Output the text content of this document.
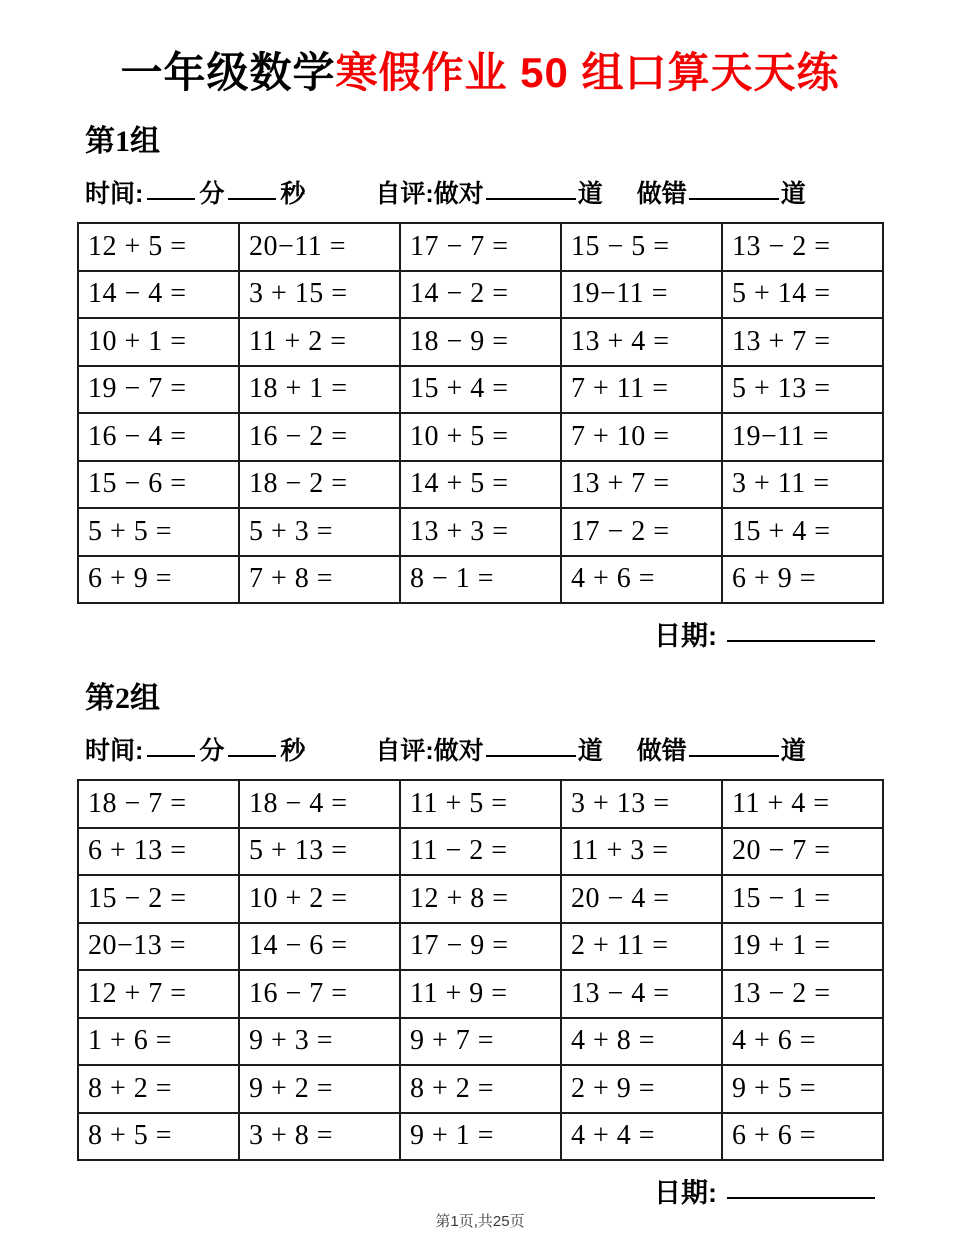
一年级数学寒假作业 50 组口算天天练
第1组
时间: 分 秒	自评:做对	道 做错	道
12 + 5 =	20−11 =	17 − 7 =	15 − 5 =	13 − 2 =
14 − 4 =	3 + 15 =	14 − 2 =	19−11 =	5 + 14 =
10 + 1 =	11 + 2 =	18 − 9 =	13 + 4 =	13 + 7 =
19 − 7 =	18 + 1 =	15 + 4 =	7 + 11 =	5 + 13 =
16 − 4 =	16 − 2 =	10 + 5 =	7 + 10 =	19−11 =
15 − 6 =	18 − 2 =	14 + 5 =	13 + 7 =	3 + 11 =
5 + 5 =	5 + 3 =	13 + 3 =	17 − 2 =	15 + 4 =
6 + 9 =	7 + 8 =	8 − 1 =	4 + 6 =	6 + 9 =
日期:
第2组
时间: 分 秒	自评:做对	道 做错	道
18 − 7 =	18 − 4 =	11 + 5 =	3 + 13 =	11 + 4 =
6 + 13 =	5 + 13 =	11 − 2 =	11 + 3 =	20 − 7 =
15 − 2 =	10 + 2 =	12 + 8 =	20 − 4 =	15 − 1 =
20−13 =	14 − 6 =	17 − 9 =	2 + 11 =	19 + 1 =
12 + 7 =	16 − 7 =	11 + 9 =	13 − 4 =	13 − 2 =
1 + 6 =	9 + 3 =	9 + 7 =	4 + 8 =	4 + 6 =
8 + 2 =	9 + 2 =	8 + 2 =	2 + 9 =	9 + 5 =
8 + 5 =	3 + 8 =	9 + 1 =	4 + 4 =	6 + 6 =
日期:
第1页,共25页
